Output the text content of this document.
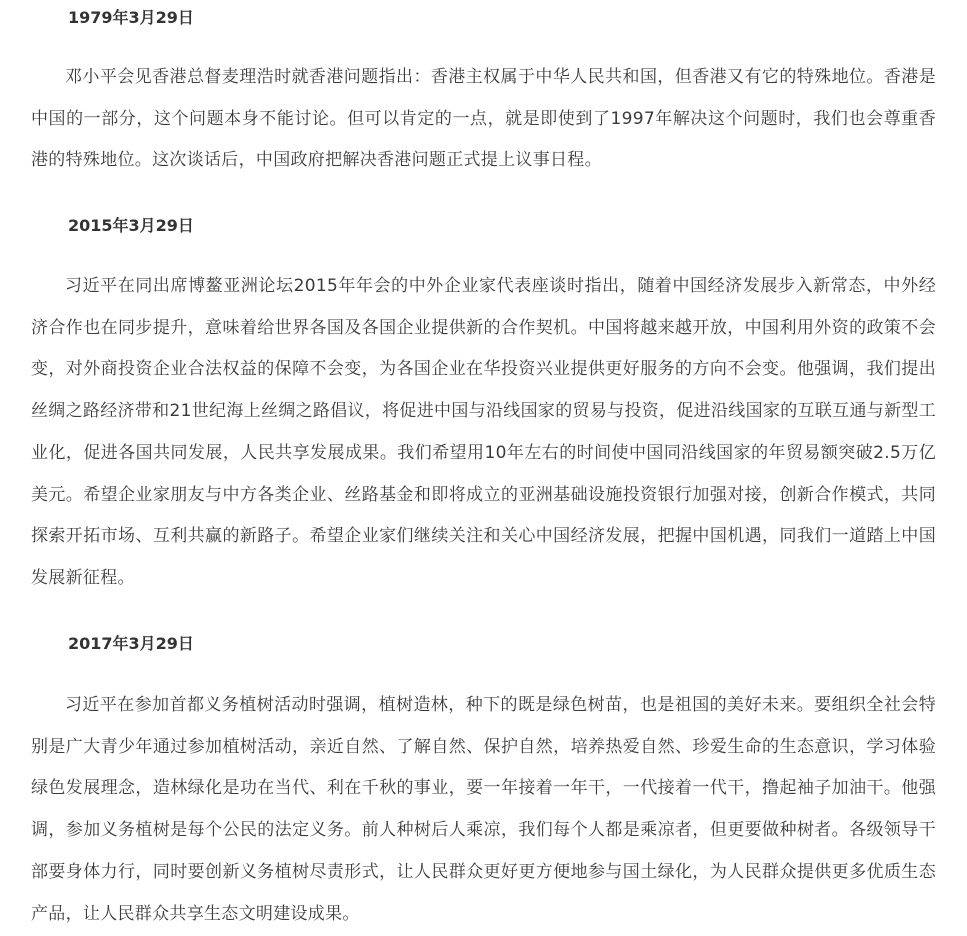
1979年3月29日

邓小平会见香港总督麦理浩时就香港问题指出：香港主权属于中华人民共和国，但香港又有它的特殊地位。香港是中国的一部分，这个问题本身不能讨论。但可以肯定的一点，就是即使到了1997年解决这个问题时，我们也会尊重香港的特殊地位。这次谈话后，中国政府把解决香港问题正式提上议事日程。

2015年3月29日

习近平在同出席博鳌亚洲论坛2015年年会的中外企业家代表座谈时指出，随着中国经济发展步入新常态，中外经济合作也在同步提升，意味着给世界各国及各国企业提供新的合作契机。中国将越来越开放，中国利用外资的政策不会变，对外商投资企业合法权益的保障不会变，为各国企业在华投资兴业提供更好服务的方向不会变。他强调，我们提出丝绸之路经济带和21世纪海上丝绸之路倡议，将促进中国与沿线国家的贸易与投资，促进沿线国家的互联互通与新型工业化，促进各国共同发展，人民共享发展成果。我们希望用10年左右的时间使中国同沿线国家的年贸易额突破2.5万亿美元。希望企业家朋友与中方各类企业、丝路基金和即将成立的亚洲基础设施投资银行加强对接，创新合作模式，共同探索开拓市场、互利共赢的新路子。希望企业家们继续关注和关心中国经济发展，把握中国机遇，同我们一道踏上中国发展新征程。

2017年3月29日

习近平在参加首都义务植树活动时强调，植树造林，种下的既是绿色树苗，也是祖国的美好未来。要组织全社会特别是广大青少年通过参加植树活动，亲近自然、了解自然、保护自然，培养热爱自然、珍爱生命的生态意识，学习体验绿色发展理念，造林绿化是功在当代、利在千秋的事业，要一年接着一年干，一代接着一代干，撸起袖子加油干。他强调，参加义务植树是每个公民的法定义务。前人种树后人乘凉，我们每个人都是乘凉者，但更要做种树者。各级领导干部要身体力行，同时要创新义务植树尽责形式，让人民群众更好更方便地参与国土绿化，为人民群众提供更多优质生态产品，让人民群众共享生态文明建设成果。
